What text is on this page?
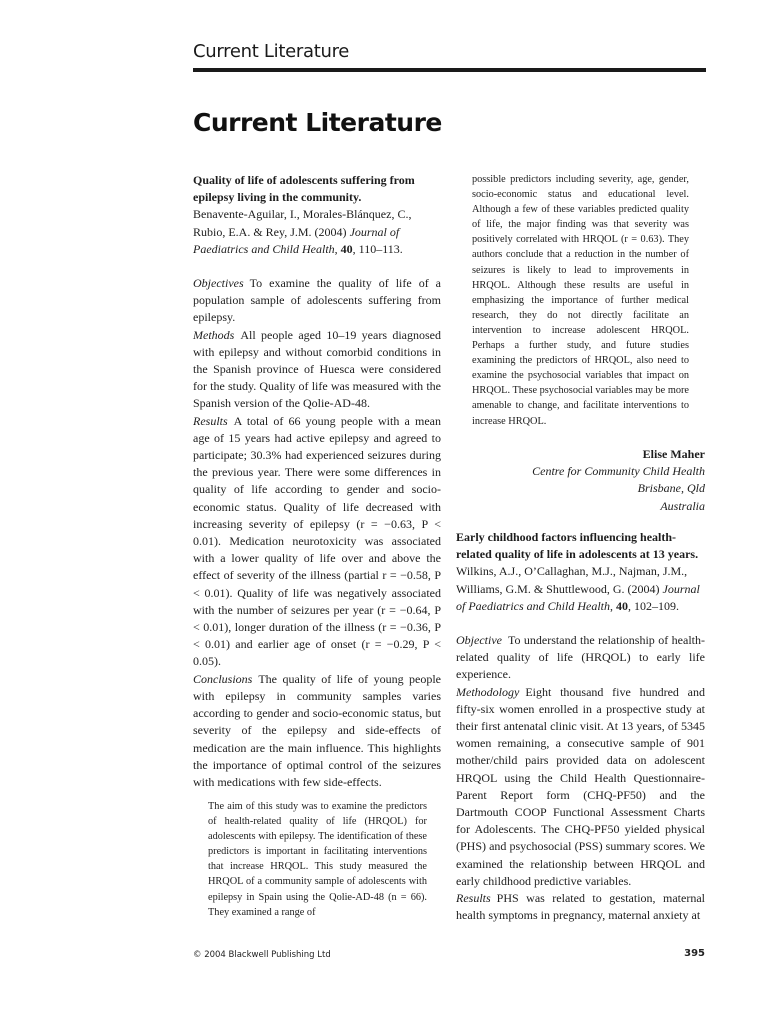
Current Literature
Current Literature

Quality of life of adolescents suffering from epilepsy living in the community.

Benavente-Aguilar, I., Morales-Blánquez, C., Rubio, E.A. & Rey, J.M. (2004) Journal of Paediatrics and Child Health, 40, 110–113.

Objectives To examine the quality of life of a population sample of adolescents suffering from epilepsy.

Methods All people aged 10–19 years diagnosed with epilepsy and without comorbid conditions in the Spanish province of Huesca were considered for the study. Quality of life was measured with the Spanish version of the Qolie-AD-48.

Results A total of 66 young people with a mean age of 15 years had active epilepsy and agreed to participate; 30.3% had experienced seizures during the previous year. There were some differences in quality of life according to gender and socio-economic status. Quality of life decreased with increasing severity of epilepsy (r = −0.63, P < 0.01). Medication neurotoxicity was associated with a lower quality of life over and above the effect of severity of the illness (partial r = −0.58, P < 0.01). Quality of life was negatively associated with the number of seizures per year (r = −0.64, P < 0.01), longer duration of the illness (r = −0.36, P < 0.01) and earlier age of onset (r = −0.29, P < 0.05).

Conclusions The quality of life of young people with epilepsy in community samples varies according to gender and socio-economic status, but severity of the epilepsy and side-effects of medication are the main influence. This highlights the importance of optimal control of the seizures with medications with few side-effects.

The aim of this study was to examine the predictors of health-related quality of life (HRQOL) for adolescents with epilepsy. The identification of these predictors is important in facilitating interventions that increase HRQOL. This study measured the HRQOL of a community sample of adolescents with epilepsy in Spain using the Qolie-AD-48 (n = 66). They examined a range of

possible predictors including severity, age, gender, socio-economic status and educational level. Although a few of these variables predicted quality of life, the major finding was that severity was positively correlated with HRQOL (r = 0.63). They authors conclude that a reduction in the number of seizures is likely to lead to improvements in HRQOL. Although these results are useful in emphasizing the importance of further medical research, they do not directly facilitate an intervention to increase adolescent HRQOL. Perhaps a further study, and future studies examining the predictors of HRQOL, also need to examine the psychosocial variables that impact on HRQOL. These psychosocial variables may be more amenable to change, and facilitate interventions to increase HRQOL.

Elise Maher
Centre for Community Child Health
Brisbane, Qld
Australia

Early childhood factors influencing health-related quality of life in adolescents at 13 years.

Wilkins, A.J., O’Callaghan, M.J., Najman, J.M., Williams, G.M. & Shuttlewood, G. (2004) Journal of Paediatrics and Child Health, 40, 102–109.

Objective To understand the relationship of health-related quality of life (HRQOL) to early life experience.

Methodology Eight thousand five hundred and fifty-six women enrolled in a prospective study at their first antenatal clinic visit. At 13 years, of 5345 women remaining, a consecutive sample of 901 mother/child pairs provided data on adolescent HRQOL using the Child Health Questionnaire-Parent Report form (CHQ-PF50) and the Dartmouth COOP Functional Assessment Charts for Adolescents. The CHQ-PF50 yielded physical (PHS) and psychosocial (PSS) summary scores. We examined the relationship between HRQOL and early childhood predictive variables.

Results PHS was related to gestation, maternal health symptoms in pregnancy, maternal anxiety at

© 2004 Blackwell Publishing Ltd	395
